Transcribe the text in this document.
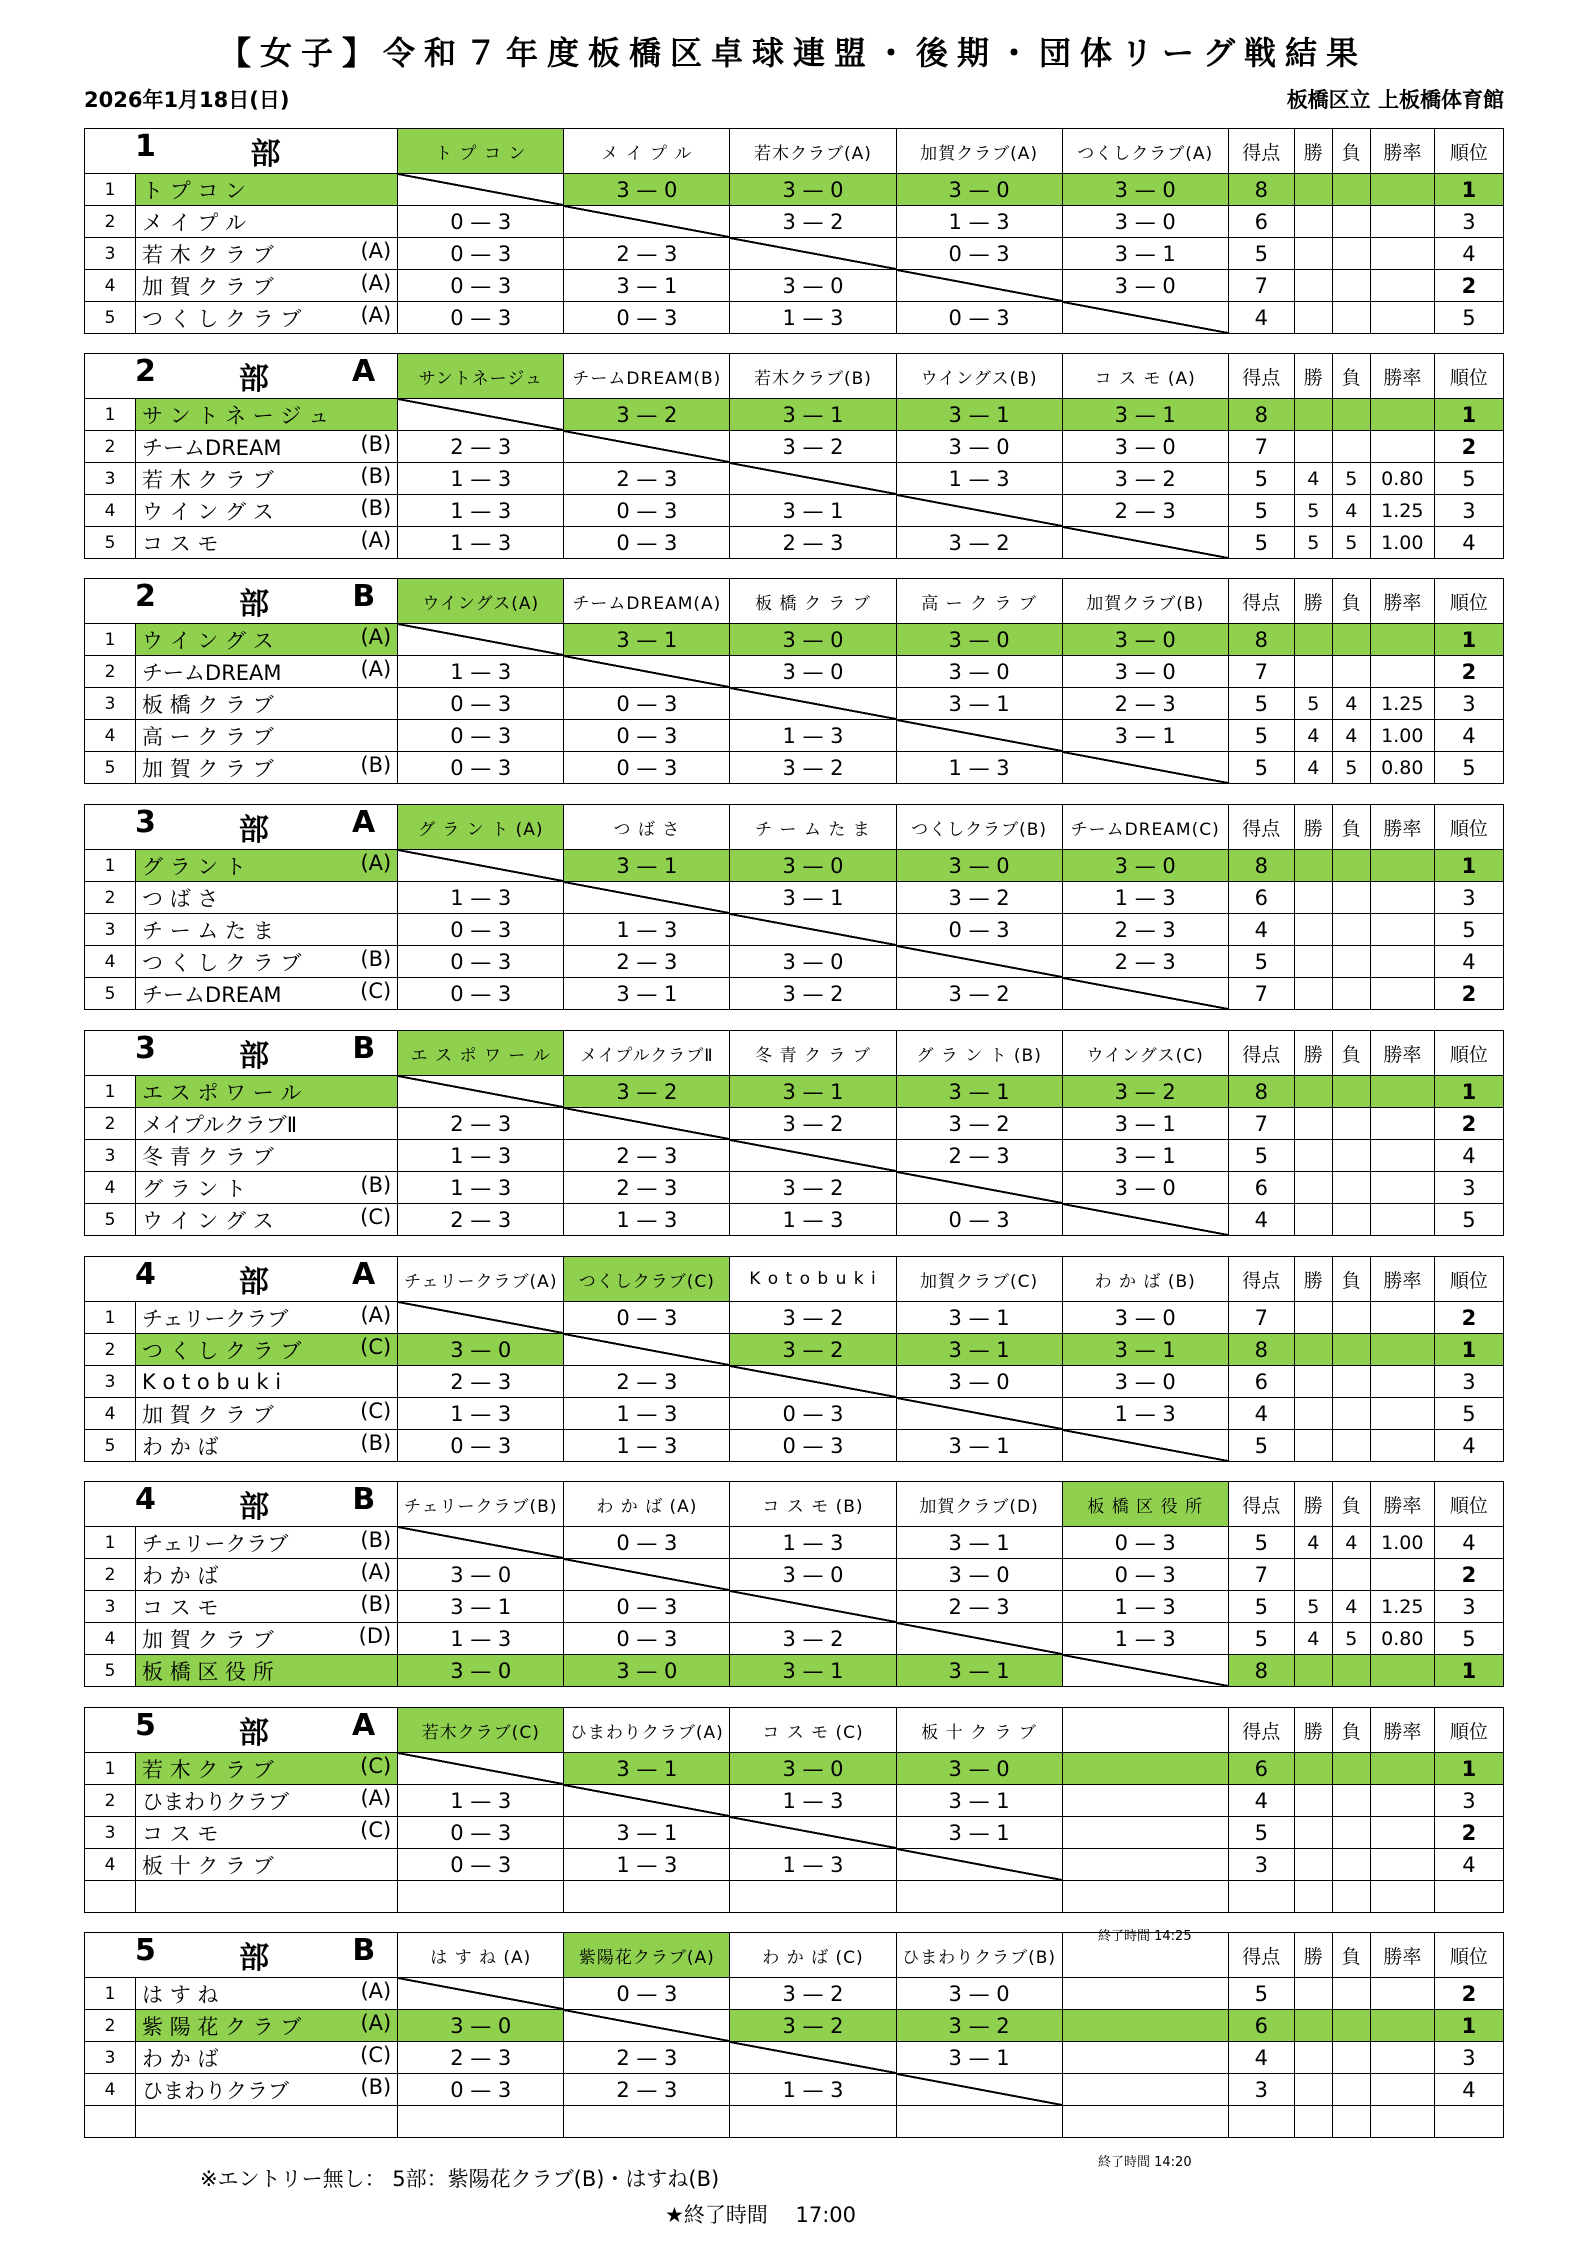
【女子】令和７年度板橋区卓球連盟・後期・団体リーグ戦結果
2026年1月18日(日)	板橋区立 上板橋体育館
1 部		ト プ コ ン	メ イ プ ル	若木クラブ(A)	加賀クラブ(A)	つくしクラブ(A)	得点	勝	負	勝率	順位
1	ト プ コ ン		3 — 0	3 — 0	3 — 0	3 — 0	8				1
2	メ イ プ ル	0 — 3		3 — 2	1 — 3	3 — 0	6				3
3	若 木 ク ラ ブ (A)	0 — 3	2 — 3		0 — 3	3 — 1	5				4
4	加 賀 ク ラ ブ (A)	0 — 3	3 — 1	3 — 0		3 — 0	7				2
5	つ く し ク ラ ブ (A)	0 — 3	0 — 3	1 — 3	0 — 3		4				5
2 部 A		サントネージュ	チームDREAM(B)	若木クラブ(B)	ウイングス(B)	コ ス モ (A)	得点	勝	負	勝率	順位
1	サ ン ト ネ ー ジ ュ		3 — 2	3 — 1	3 — 1	3 — 1	8				1
2	チームDREAM (B)	2 — 3		3 — 2	3 — 0	3 — 0	7				2
3	若 木 ク ラ ブ (B)	1 — 3	2 — 3		1 — 3	3 — 2	5	4	5	0.80	5
4	ウ イ ン グ ス (B)	1 — 3	0 — 3	3 — 1		2 — 3	5	5	4	1.25	3
5	コ ス モ (A)	1 — 3	0 — 3	2 — 3	3 — 2		5	5	5	1.00	4
2 部 B		ウイングス(A)	チームDREAM(A)	板 橋 ク ラ ブ	高 ー ク ラ ブ	加賀クラブ(B)	得点	勝	負	勝率	順位
1	ウ イ ン グ ス (A)		3 — 1	3 — 0	3 — 0	3 — 0	8				1
2	チームDREAM (A)	1 — 3		3 — 0	3 — 0	3 — 0	7				2
3	板 橋 ク ラ ブ	0 — 3	0 — 3		3 — 1	2 — 3	5	5	4	1.25	3
4	高 ー ク ラ ブ	0 — 3	0 — 3	1 — 3		3 — 1	5	4	4	1.00	4
5	加 賀 ク ラ ブ (B)	0 — 3	0 — 3	3 — 2	1 — 3		5	4	5	0.80	5
3 部 A		グ ラ ン ト (A)	つ ば さ	チ ー ム た ま	つくしクラブ(B)	チームDREAM(C)	得点	勝	負	勝率	順位
1	グ ラ ン ト (A)		3 — 1	3 — 0	3 — 0	3 — 0	8				1
2	つ ば さ	1 — 3		3 — 1	3 — 2	1 — 3	6				3
3	チ ー ム た ま	0 — 3	1 — 3		0 — 3	2 — 3	4				5
4	つ く し ク ラ ブ (B)	0 — 3	2 — 3	3 — 0		2 — 3	5				4
5	チームDREAM (C)	0 — 3	3 — 1	3 — 2	3 — 2		7				2
3 部 B		エ ス ポ ワ ー ル	メイプルクラブⅡ	冬 青 ク ラ ブ	グ ラ ン ト (B)	ウイングス(C)	得点	勝	負	勝率	順位
1	エ ス ポ ワ ー ル		3 — 2	3 — 1	3 — 1	3 — 2	8				1
2	メイプルクラブⅡ	2 — 3		3 — 2	3 — 2	3 — 1	7				2
3	冬 青 ク ラ ブ	1 — 3	2 — 3		2 — 3	3 — 1	5				4
4	グ ラ ン ト (B)	1 — 3	2 — 3	3 — 2		3 — 0	6				3
5	ウ イ ン グ ス (C)	2 — 3	1 — 3	1 — 3	0 — 3		4				5
4 部 A		チェリークラブ(A)	つくしクラブ(C)	K o t o b u k i	加賀クラブ(C)	わ か ば (B)	得点	勝	負	勝率	順位
1	チェリークラブ (A)		0 — 3	3 — 2	3 — 1	3 — 0	7				2
2	つ く し ク ラ ブ (C)	3 — 0		3 — 2	3 — 1	3 — 1	8				1
3	K o t o b u k i	2 — 3	2 — 3		3 — 0	3 — 0	6				3
4	加 賀 ク ラ ブ (C)	1 — 3	1 — 3	0 — 3		1 — 3	4				5
5	わ か ば (B)	0 — 3	1 — 3	0 — 3	3 — 1		5				4
4 部 B		チェリークラブ(B)	わ か ば (A)	コ ス モ (B)	加賀クラブ(D)	板 橋 区 役 所	得点	勝	負	勝率	順位
1	チェリークラブ (B)		0 — 3	1 — 3	3 — 1	0 — 3	5	4	4	1.00	4
2	わ か ば (A)	3 — 0		3 — 0	3 — 0	0 — 3	7				2
3	コ ス モ (B)	3 — 1	0 — 3		2 — 3	1 — 3	5	5	4	1.25	3
4	加 賀 ク ラ ブ (D)	1 — 3	0 — 3	3 — 2		1 — 3	5	4	5	0.80	5
5	板 橋 区 役 所	3 — 0	3 — 0	3 — 1	3 — 1		8				1
5 部 A		若木クラブ(C)	ひまわりクラブ(A)	コ ス モ (C)	板 十 ク ラ ブ		得点	勝	負	勝率	順位
1	若 木 ク ラ ブ (C)		3 — 1	3 — 0	3 — 0		6				1
2	ひまわりクラブ (A)	1 — 3		1 — 3	3 — 1		4				3
3	コ ス モ (C)	0 — 3	3 — 1		3 — 1		5				2
4	板 十 ク ラ ブ	0 — 3	1 — 3	1 — 3			3				4

終了時間 14:25
5 部 B		は す ね (A)	紫陽花クラブ(A)	わ か ば (C)	ひまわりクラブ(B)		得点	勝	負	勝率	順位
1	は す ね (A)		0 — 3	3 — 2	3 — 0		5				2
2	紫 陽 花 ク ラ ブ (A)	3 — 0		3 — 2	3 — 2		6				1
3	わ か ば (C)	2 — 3	2 — 3		3 — 1		4				3
4	ひまわりクラブ (B)	0 — 3	2 — 3	1 — 3			3				4

終了時間 14:20
※エントリー無し： 5部：紫陽花クラブ(B)・はすね(B)
★終了時間　 17:00
